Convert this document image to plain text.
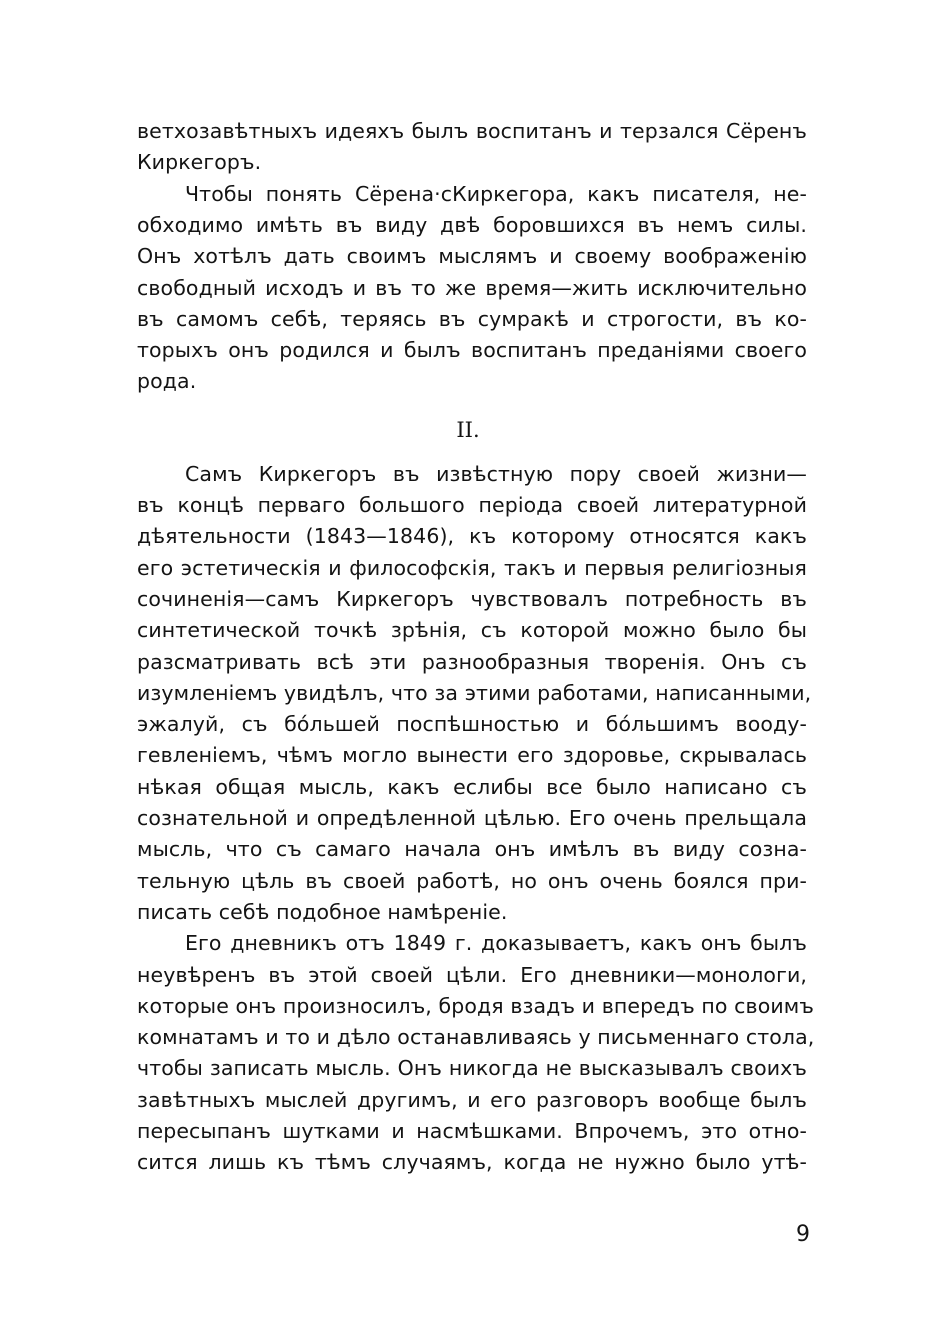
ветхозавѣтныхъ идеяхъ былъ воспитанъ и терзался Сёренъ
Киркегоръ.
Чтобы понять Сёрена·сКиркегора, какъ писателя, не-
обходимо имѣть въ виду двѣ боровшихся въ немъ силы.
Онъ хотѣлъ дать своимъ мыслямъ и своему воображенію
свободный исходъ и въ то же время—жить исключительно
въ самомъ себѣ, теряясь въ сумракѣ и строгости, въ ко-
торыхъ онъ родился и былъ воспитанъ преданіями своего
рода.
II.
Самъ Киркегоръ въ извѣстную пору своей жизни—
въ концѣ перваго большого періода своей литературной
дѣятельности (1843—1846), къ которому относятся какъ
его эстетическія и философскія, такъ и первыя религіозныя
сочиненія—самъ Киркегоръ чувствовалъ потребность въ
синтетической точкѣ зрѣнія, съ которой можно было бы
разсматривать всѣ эти разнообразныя творенія. Онъ съ
изумленіемъ увидѣлъ, что за этими работами, написанными,
эжалуй, съ бо́льшей поспѣшностью и бо́льшимъ вооду-
гевленіемъ, чѣмъ могло вынести его здоровье, скрывалась
нѣкая общая мысль, какъ еслибы все было написано съ
сознательной и опредѣленной цѣлью. Его очень прельщала
мысль, что съ самаго начала онъ имѣлъ въ виду созна-
тельную цѣль въ своей работѣ, но онъ очень боялся при-
писать себѣ подобное намѣреніе.
Его дневникъ отъ 1849 г. доказываетъ, какъ онъ былъ
неувѣренъ въ этой своей цѣли. Его дневники—монологи,
которые онъ произносилъ, бродя взадъ и впередъ по своимъ
комнатамъ и то и дѣло останавливаясь у письменнаго стола,
чтобы записать мысль. Онъ никогда не высказывалъ своихъ
завѣтныхъ мыслей другимъ, и его разговоръ вообще былъ
пересыпанъ шутками и насмѣшками. Впрочемъ, это отно-
сится лишь къ тѣмъ случаямъ, когда не нужно было утѣ-
9
